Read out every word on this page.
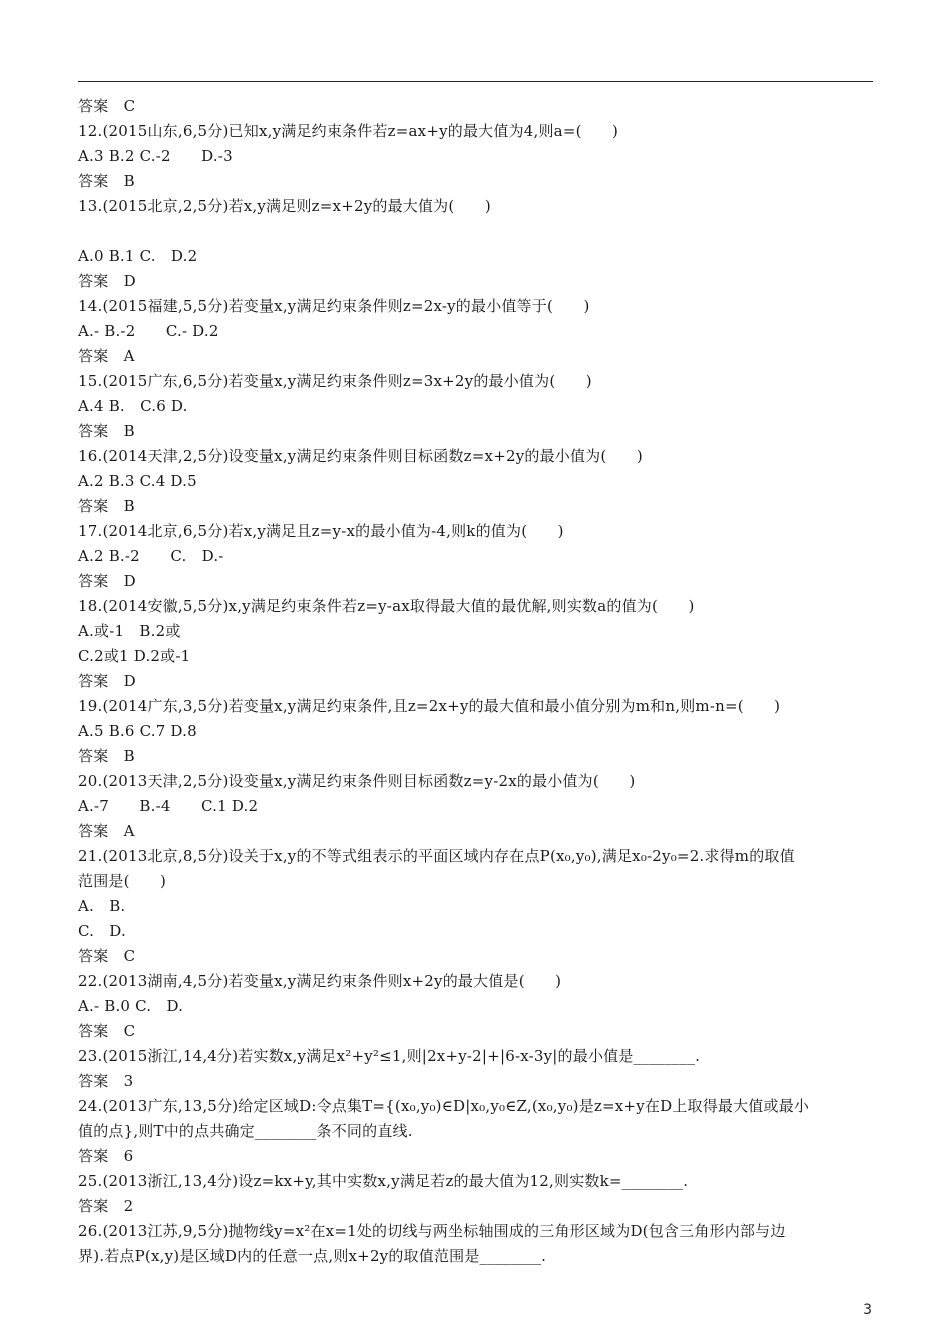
答案　C
12.(2015山东,6,5分)已知x,y满足约束条件若z=ax+y的最大值为4,则a=(　　)
A.3 B.2 C.-2　　D.-3
答案　B
13.(2015北京,2,5分)若x,y满足则z=x+2y的最大值为(　　)
A.0 B.1 C.　D.2
答案　D
14.(2015福建,5,5分)若变量x,y满足约束条件则z=2x-y的最小值等于(　　)
A.- B.-2　　C.- D.2
答案　A
15.(2015广东,6,5分)若变量x,y满足约束条件则z=3x+2y的最小值为(　　)
A.4 B.　C.6 D.
答案　B
16.(2014天津,2,5分)设变量x,y满足约束条件则目标函数z=x+2y的最小值为(　　)
A.2 B.3 C.4 D.5
答案　B
17.(2014北京,6,5分)若x,y满足且z=y-x的最小值为-4,则k的值为(　　)
A.2 B.-2　　C.　D.-
答案　D
18.(2014安徽,5,5分)x,y满足约束条件若z=y-ax取得最大值的最优解,则实数a的值为(　　)
A.或-1　B.2或
C.2或1 D.2或-1
答案　D
19.(2014广东,3,5分)若变量x,y满足约束条件,且z=2x+y的最大值和最小值分别为m和n,则m-n=(　　)
A.5 B.6 C.7 D.8
答案　B
20.(2013天津,2,5分)设变量x,y满足约束条件则目标函数z=y-2x的最小值为(　　)
A.-7　　B.-4　　C.1 D.2
答案　A
21.(2013北京,8,5分)设关于x,y的不等式组表示的平面区域内存在点P(x₀,y₀),满足x₀-2y₀=2.求得m的取值
范围是(　　)
A.　B.
C.　D.
答案　C
22.(2013湖南,4,5分)若变量x,y满足约束条件则x+2y的最大值是(　　)
A.- B.0 C.　D.
答案　C
23.(2015浙江,14,4分)若实数x,y满足x²+y²≤1,则|2x+y-2|+|6-x-3y|的最小值是________.
答案　3
24.(2013广东,13,5分)给定区域D:令点集T={(x₀,y₀)∈D|x₀,y₀∈Z,(x₀,y₀)是z=x+y在D上取得最大值或最小
值的点},则T中的点共确定________条不同的直线.
答案　6
25.(2013浙江,13,4分)设z=kx+y,其中实数x,y满足若z的最大值为12,则实数k=________.
答案　2
26.(2013江苏,9,5分)抛物线y=x²在x=1处的切线与两坐标轴围成的三角形区域为D(包含三角形内部与边
界).若点P(x,y)是区域D内的任意一点,则x+2y的取值范围是________.
3
